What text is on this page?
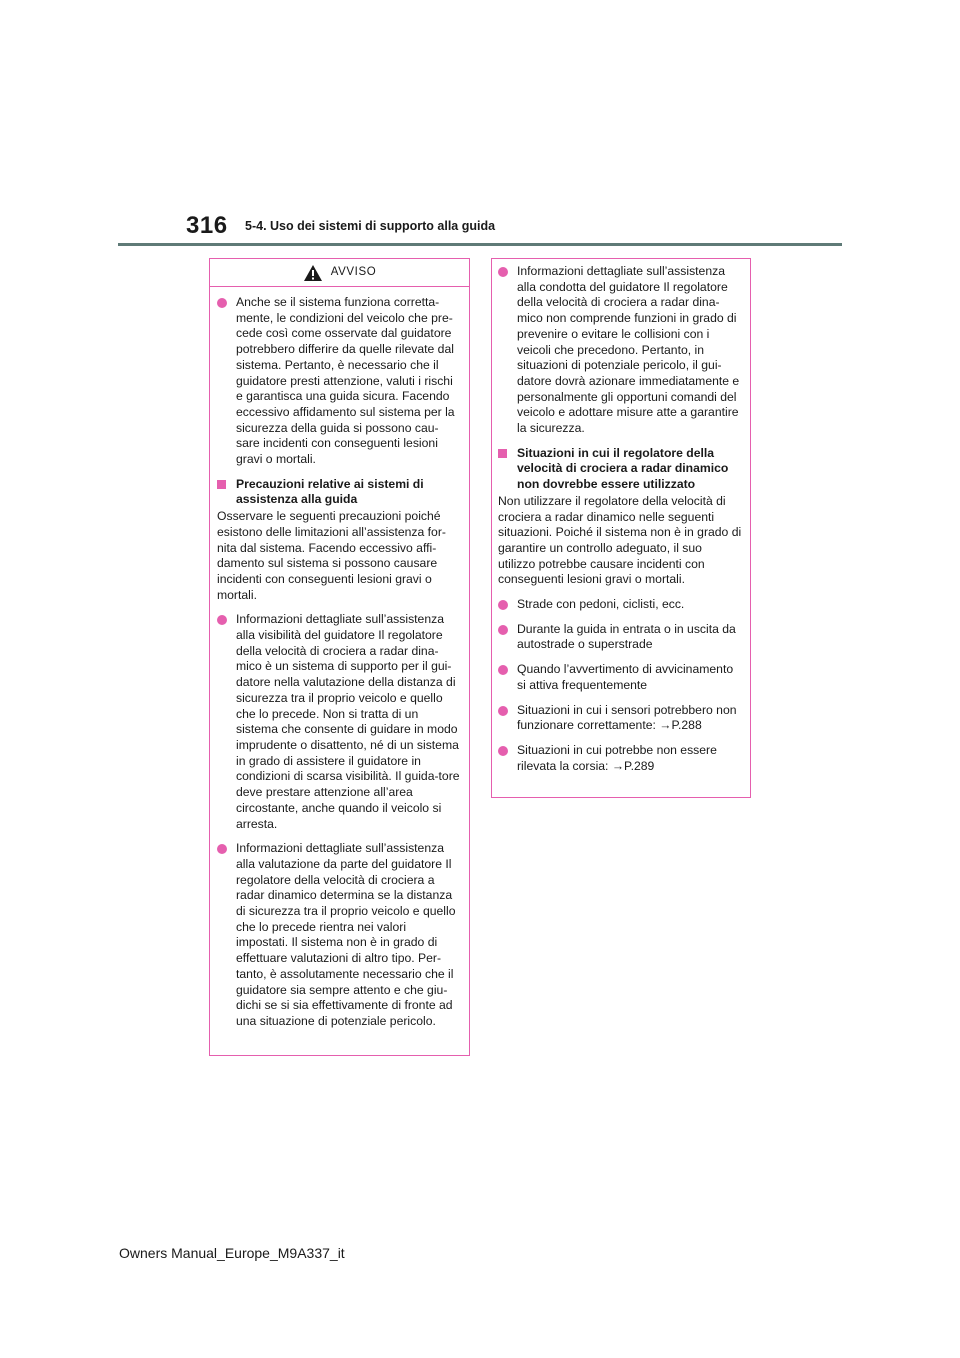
316 5-4. Uso dei sistemi di supporto alla guida
AVVISO
Anche se il sistema funziona corretta-mente, le condizioni del veicolo che pre-cede così come osservate dal guidatore potrebbero differire da quelle rilevate dal sistema. Pertanto, è necessario che il guidatore presti attenzione, valuti i rischi e garantisca una guida sicura. Facendo eccessivo affidamento sul sistema per la sicurezza della guida si possono cau-sare incidenti con conseguenti lesioni gravi o mortali.
Precauzioni relative ai sistemi di assistenza alla guida
Osservare le seguenti precauzioni poiché esistono delle limitazioni all’assistenza for-nita dal sistema. Facendo eccessivo affi-damento sul sistema si possono causare incidenti con conseguenti lesioni gravi o mortali.
Informazioni dettagliate sull’assistenza alla visibilità del guidatore Il regolatore della velocità di crociera a radar dina-mico è un sistema di supporto per il gui-datore nella valutazione della distanza di sicurezza tra il proprio veicolo e quello che lo precede. Non si tratta di un sistema che consente di guidare in modo imprudente o disattento, né di un sistema in grado di assistere il guidatore in condizioni di scarsa visibilità. Il guida-tore deve prestare attenzione all’area circostante, anche quando il veicolo si arresta.
Informazioni dettagliate sull’assistenza alla valutazione da parte del guidatore Il regolatore della velocità di crociera a radar dinamico determina se la distanza di sicurezza tra il proprio veicolo e quello che lo precede rientra nei valori impostati. Il sistema non è in grado di effettuare valutazioni di altro tipo. Per-tanto, è assolutamente necessario che il guidatore sia sempre attento e che giu-dichi se si sia effettivamente di fronte ad una situazione di potenziale pericolo.
Informazioni dettagliate sull’assistenza alla condotta del guidatore Il regolatore della velocità di crociera a radar dina-mico non comprende funzioni in grado di prevenire o evitare le collisioni con i veicoli che precedono. Pertanto, in situazioni di potenziale pericolo, il gui-datore dovrà azionare immediatamente e personalmente gli opportuni comandi del veicolo e adottare misure atte a garantire la sicurezza.
Situazioni in cui il regolatore della velocità di crociera a radar dinamico non dovrebbe essere utilizzato
Non utilizzare il regolatore della velocità di crociera a radar dinamico nelle seguenti situazioni. Poiché il sistema non è in grado di garantire un controllo adeguato, il suo utilizzo potrebbe causare incidenti con conseguenti lesioni gravi o mortali.
Strade con pedoni, ciclisti, ecc.
Durante la guida in entrata o in uscita da autostrade o superstrade
Quando l’avvertimento di avvicinamento si attiva frequentemente
Situazioni in cui i sensori potrebbero non funzionare correttamente: →P.288
Situazioni in cui potrebbe non essere rilevata la corsia: →P.289
Owners Manual_Europe_M9A337_it
